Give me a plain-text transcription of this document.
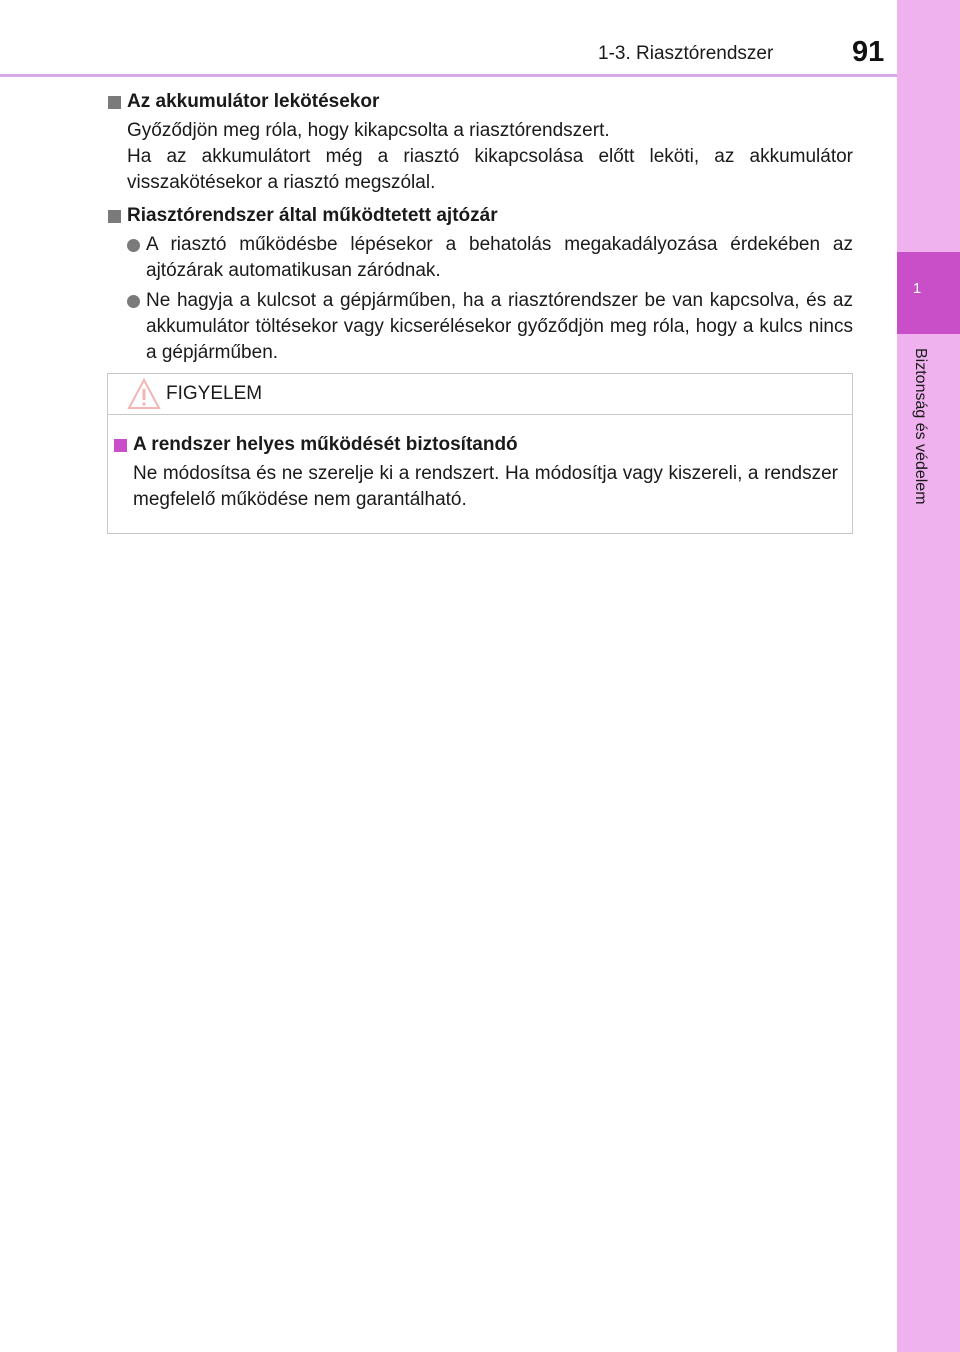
1-3. Riasztórendszer	91
1
Biztonság és védelem
Az akkumulátor lekötésekor

Győződjön meg róla, hogy kikapcsolta a riasztórendszert.

Ha az akkumulátort még a riasztó kikapcsolása előtt leköti, az akkumulátor visszakötésekor a riasztó megszólal.

Riasztórendszer által működtetett ajtózár
A riasztó működésbe lépésekor a behatolás megakadályozása érdekében az ajtózárak automatikusan záródnak.
Ne hagyja a kulcsot a gépjárműben, ha a riasztórendszer be van kapcsolva, és az akkumulátor töltésekor vagy kicserélésekor győződjön meg róla, hogy a kulcs nincs a gépjárműben.
FIGYELEM
A rendszer helyes működését biztosítandó

Ne módosítsa és ne szerelje ki a rendszert. Ha módosítja vagy kiszereli, a rendszer megfelelő működése nem garantálható.
